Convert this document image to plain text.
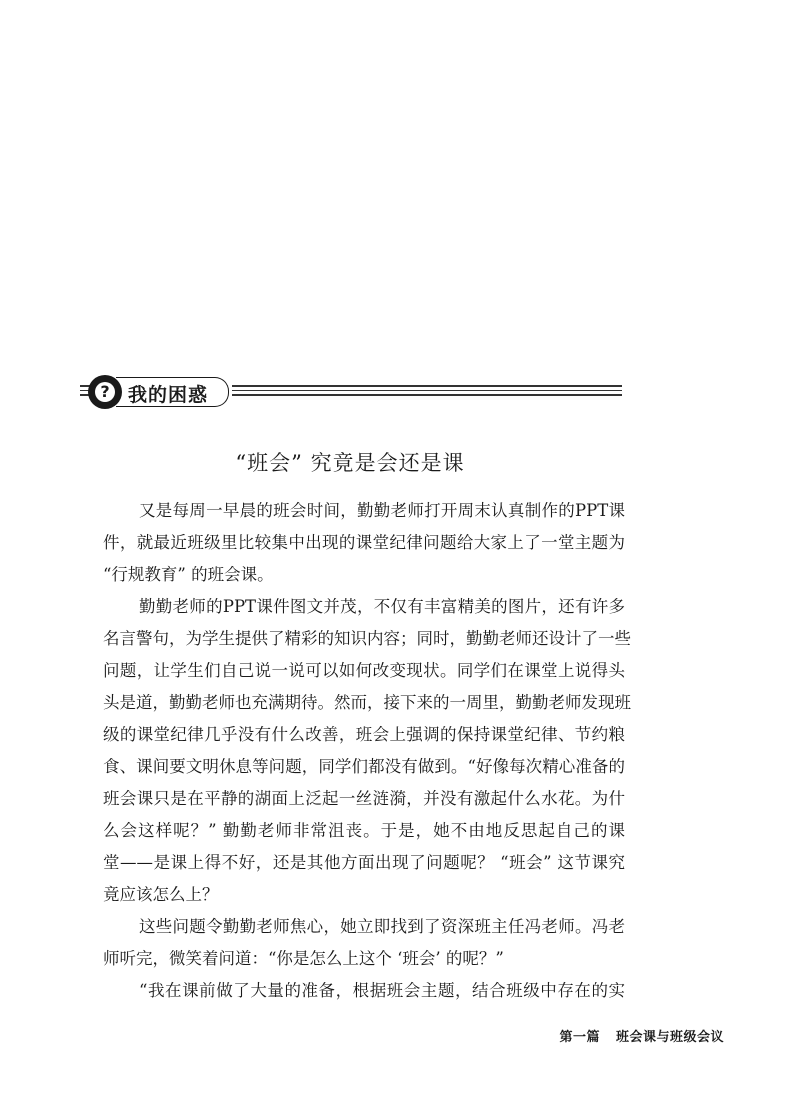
我的困惑
?
“班会” 究竟是会还是课
又是每周一早晨的班会时间，勤勤老师打开周末认真制作的PPT课
件，就最近班级里比较集中出现的课堂纪律问题给大家上了一堂主题为
“行规教育” 的班会课。
勤勤老师的PPT课件图文并茂，不仅有丰富精美的图片，还有许多
名言警句，为学生提供了精彩的知识内容；同时，勤勤老师还设计了一些
问题，让学生们自己说一说可以如何改变现状。同学们在课堂上说得头
头是道，勤勤老师也充满期待。然而，接下来的一周里，勤勤老师发现班
级的课堂纪律几乎没有什么改善，班会上强调的保持课堂纪律、节约粮
食、课间要文明休息等问题，同学们都没有做到。“好像每次精心准备的
班会课只是在平静的湖面上泛起一丝涟漪，并没有激起什么水花。为什
么会这样呢？” 勤勤老师非常沮丧。于是，她不由地反思起自己的课
堂——是课上得不好，还是其他方面出现了问题呢？ “班会” 这节课究
竟应该怎么上？
这些问题令勤勤老师焦心，她立即找到了资深班主任冯老师。冯老
师听完，微笑着问道：“你是怎么上这个 ‘班会’ 的呢？”
“我在课前做了大量的准备，根据班会主题，结合班级中存在的实
第一篇 班会课与班级会议
